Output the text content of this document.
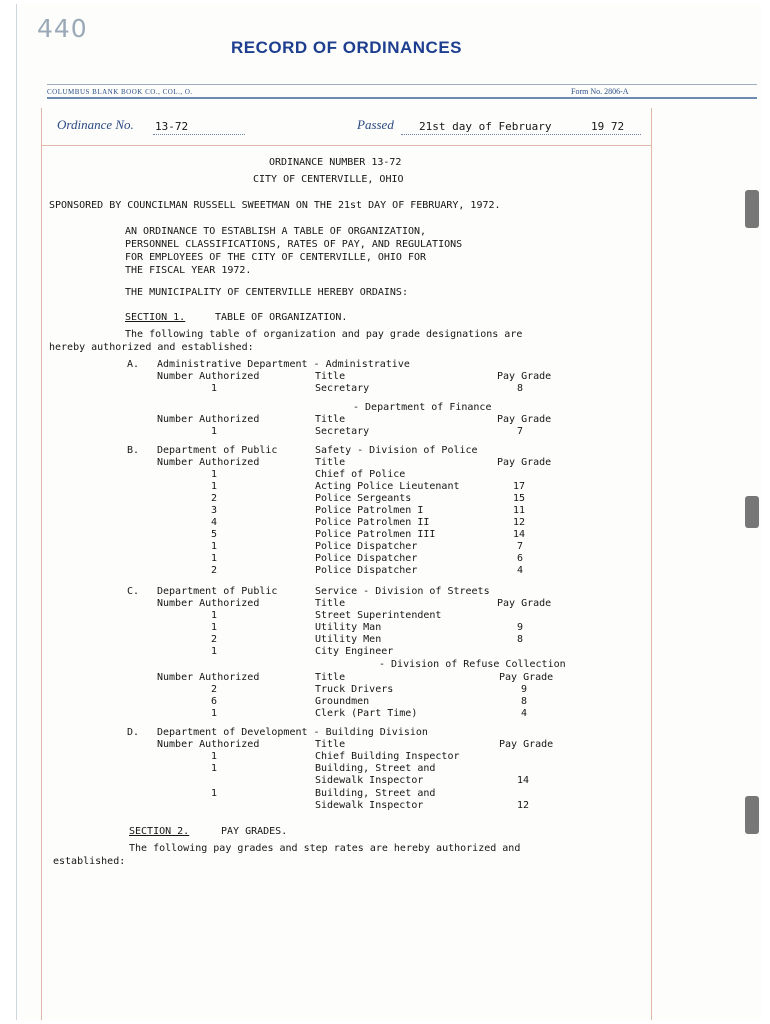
440
RECORD OF ORDINANCES
COLUMBUS BLANK BOOK CO., COL., O.	Form No. 2806-A
Ordinance No. 13-72	Passed 21st day of February	19 72
ORDINANCE NUMBER 13-72
CITY OF CENTERVILLE, OHIO
SPONSORED BY COUNCILMAN RUSSELL SWEETMAN ON THE 21st DAY OF FEBRUARY, 1972.
AN ORDINANCE TO ESTABLISH A TABLE OF ORGANIZATION,
PERSONNEL CLASSIFICATIONS, RATES OF PAY, AND REGULATIONS
FOR EMPLOYEES OF THE CITY OF CENTERVILLE, OHIO FOR
THE FISCAL YEAR 1972.
THE MUNICIPALITY OF CENTERVILLE HEREBY ORDAINS:
SECTION 1.	TABLE OF ORGANIZATION.
The following table of organization and pay grade designations are
hereby authorized and established:
A. Administrative Department - Administrative
Number Authorized	Title	Pay Grade
1	Secretary	8
- Department of Finance
Number Authorized	Title	Pay Grade
1	Secretary	7
B. Department of Public	Safety - Division of Police
Number Authorized	Title	Pay Grade
1	Chief of Police
1	Acting Police Lieutenant	17
2	Police Sergeants	15
3	Police Patrolmen I	11
4	Police Patrolmen II	12
5	Police Patrolmen III	14
1	Police Dispatcher	7
1	Police Dispatcher	6
2	Police Dispatcher	4
C. Department of Public	Service - Division of Streets
Number Authorized	Title	Pay Grade
1	Street Superintendent
1	Utility Man	9
2	Utility Men	8
1	City Engineer
- Division of Refuse Collection
Number Authorized	Title	Pay Grade
2	Truck Drivers	9
6	Groundmen	8
1	Clerk (Part Time)	4
D. Department of Development - Building Division
Number Authorized	Title	Pay Grade
1	Chief Building Inspector
1	Building, Street and
Sidewalk Inspector	14
1	Building, Street and
Sidewalk Inspector	12
SECTION 2.	PAY GRADES.
The following pay grades and step rates are hereby authorized and
established:
